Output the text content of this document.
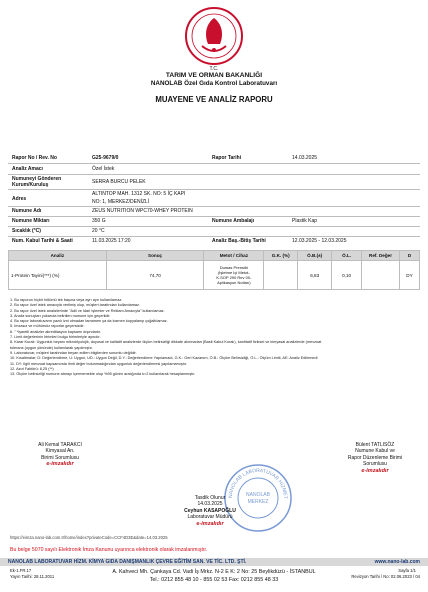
T.C.
TARIM VE ORMAN BAKANLIĞI
NANOLAB Özel Gıda Kontrol Laboratuvarı
MUAYENE VE ANALİZ RAPORU
Rapor No / Rev. No	G25-9679/0	Rapor Tarihi	14.03.2025
Analiz Amacı	Özel İstek
Numuneyi Gönderen Kurum/Kuruluş	SERRA BURCU PELEK
Adres
ALTINTOP MAH. 1312 SK. NO: 5 İÇ KAPI
NO: 1, MERKEZ/DENİZLİ
Numune Adı	ZEUS NUTRITION WPC70-WHEY PROTEIN
Numune Miktarı	350 G	Numune Ambalajı	Plastik Kap
Sıcaklık (°C)	20 °C
Num. Kabul Tarihi & Saati	11.03.2025 17:20	Analiz Baş.-Bitiş Tarihi	12.03.2025 - 12.03.2025
Analiz	Sonuç	Metot / Cihaz	G.K. (%)	Ö.B.(±)	Ö.L.	Ref. Değer	D
1-Protein Tayini(***) (%)	74,70	Dumas Prensibi
(İşletme İçi Metot-
K.SOP 290 Rev 00-
Aplikasyon Notları)		6,83	0,10		DY
1. Bu raporun hiçbir bölümü tek başına veya ayrı ayrı kullanılamaz.
2. Bu rapor özel istek amacıyla verilmiş olup, müşteri tarafından kullanılamaz.
2. Bu rapor özel istek analizlerinde "Adli ve İdari İşlemler ve Reklam Amacıyla" kullanılamaz.
3. Analiz sonuçları yukarıda belirtilen numune için geçerlidir.
4. Bu rapor laboratuvarın yazılı izni olmadan tamamen ya da kısmen kopyalanıp çoğaltılamaz.
5. İmzasız ve mühürsüz raporlar geçersizdir.
6. " *işaretli analizler akreditasyon kapsamı dışındadır.
7. Limit değerlerinin birimleri bulgu birimleriyle aynıdır.
8. Karar Kuralı: Uygunluk beyanı mikrobiyolojik, duyusal ve kalitatif analizlerde ölçüm belirsizliği dikkate alınmadan (Basit Kabul Kuralı), kantitatif fiziksel ve kimyasal analizlerde (mevzuat
tolerans (uygun yönünde) kullanılarak yapılmıştır.
9. Laboratuvar, müşteri tarafından beyan edilen bilgilerden sorumlu değildir.
10. Kısaltmalar; D: Değerlendirme, U: Uygun, UD.: Uygun Değil, D.Y.: Değerlendirme Yapılamadı, G.K.: Geri Kazanım, Ö.B.: Ölçüm Belirsizliği, Ö.L.: Ölçüm Limiti, AE: Analiz Edilemedi
11. DY: İlgili mevzuat kapsamında limit değer bulunmadığından uygunluk değerlendirmesi yapılamamıştır.
12. Azot Faktörü: 6,25 (**)
13. Ölçüm belirsizliği numune atmayı içermemekte olup %95 güven aralığında k=2 kullanılarak hesaplanmıştır.
Ali Kemal TARAKCI
Kimyasal An.
Birimi Sorumlusu
e-imzalıdır
Bülent TATLISÖZ
Numune Kabul ve
Rapor Düzenleme Birimi
Sorumlusu
e-imzalıdır
NANOLAB LABORATUVAR HİZMET
NANOLAB
MERKEZ
Tasdik Olunur
14.03.2025
Ceyhun KASAPOĞLU
Laboratuvar Müdürü
e-imzalıdır
https://eimza.nano-lab.com.tr/home/index?privateCode=CCF4D3E&date=14.03.2025
Bu belge 5070 sayılı Elektronik İmza Kanunu uyarınca elektronik olarak imzalanmıştır.
NANOLAB LABORATUVAR HİZM. KİMYA GIDA DANIŞMANLIK ÇEVRE EĞİTİM SAN. VE TİC. LTD. ŞTİ.	www.nano-lab.com
Ek-1.FR.17
Yayın Tarihi: 28.11.2011
A. Kahveci Mh. Çankaya Cd. Vadi İş Mrkz. N-2 E K: 2 No: 25 Beylikdüzü - İSTANBUL
Tel.: 0212 855 48 10 - 855 02 53 Fax: 0212 855 48 33
Sayfa 1/1
Revizyon Tarihi / No: 02.06.2023 / 04
